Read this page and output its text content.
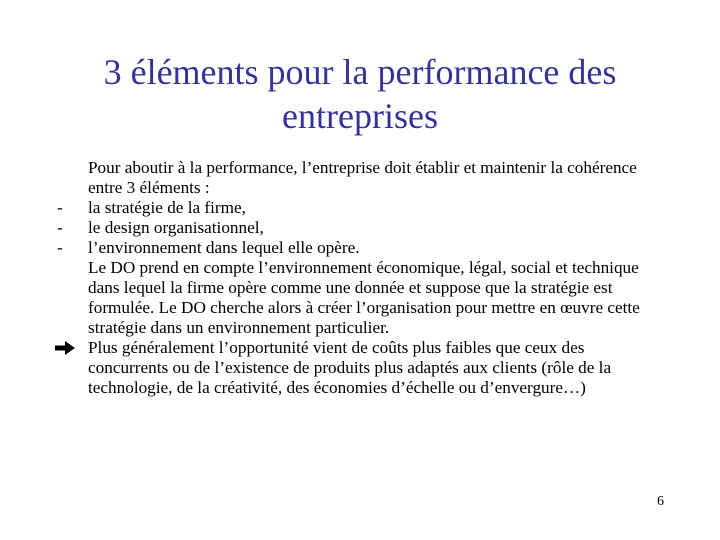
3 éléments pour la performance des
entreprises
Pour aboutir à la performance, l’entreprise doit établir et maintenir la cohérence entre 3 éléments :
-	la stratégie de la firme,
-	le design organisationnel,
-	l’environnement dans lequel elle opère.
Le DO prend en compte l’environnement économique, légal, social et technique dans lequel la firme opère comme une donnée et suppose que la stratégie est formulée. Le DO cherche alors à créer l’organisation pour mettre en œuvre cette stratégie dans un environnement particulier.
Plus généralement l’opportunité vient de coûts plus faibles que ceux des concurrents ou de l’existence de produits plus adaptés aux clients (rôle de la technologie, de la créativité, des économies d’échelle ou d’envergure…)
6
